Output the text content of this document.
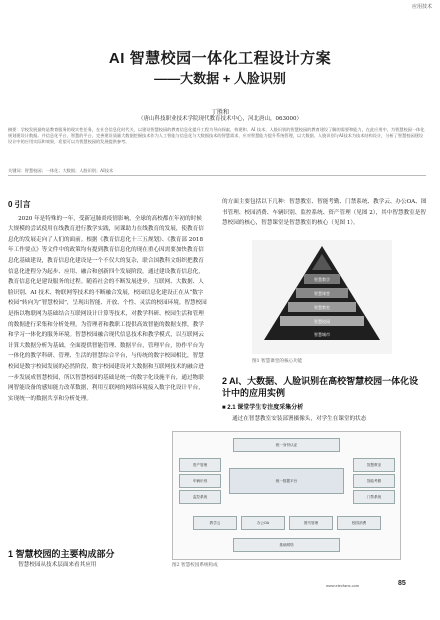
应用技术
AI 智慧校园一体化工程设计方案
——大数据 + 人脸识别
丁胜和
（唐山科技职业技术学院现代教育技术中心，河北唐山，063000）
摘要：学校发展最终是教育服务的现实性任务，在社会信息化时代关，以建设智慧校园的教育信息化提升工程为导向探索，构建和、AI 技术、人脸识别的智慧校园的教育建设了解的需要和能力，在此应用中，为智慧校园一体化规划建设计数据。并信息化平台，智慧的平台，完善建设质量大数据挖掘技术作为人工智能与信息化与大数据技术的智慧需求，应对智慧能力提升系统管理，以大数据、人脸识别与AI技术为技术结构设计，分析了智慧校园建设设计中的应用实际和效果，希望可以为智慧校园的发展提供参考。
关键词：智慧校园；一体化；大数据；人脸识别；AI技术
0 引言

2020 年是特殊的一年，受新冠肺炎疫情影响，全球的高校都在年初的时候大规模的尝试使用在线教育进行教学实践，同课助力在线教育的发展，使教育信息化的发展走向了人们的面前。根据《教育信息化十三五规划》、《教育部 2018 年工作要点》等文件中的政策均有提到教育信息化的现在重心因需要加快教育信息化基础建设，教育信息化建设是一个不仅大的复杂，联合国教科文组织把教育信息化进程分为起步、应用、融合和创新四个发展阶段。通过建设教育信息化，教育信息化是建设服务的过程。随着社会的不断发展进步，互联网、大数据、人脸识别、AI 技术、物联网等技术的不断融合发展，校园信息化建设正在从“数字校园”转向为“智慧校园”，呈现出智能、开放、个性、灵活的校园环境。智慧校园是指以物联网为基础结合互联网设计计算等技术，对教学科研、校园生活和管理的数据进行采集和分析处理，为管理者和教职工提供高效智能的数据支撑，教学和学习一体化的服务环境。智慧校园融合现代信息技术和教学模式，以互联网云计算大数据分析为基础，全面提供智能管理、数据平台，管理平台，协作平台为一体化的教学科研、管理、生活的智慧综合平台，与传统的数字校园相比，智慧校园是数字校园发展的必然阶段，数字校园建设对大数据和互联网技术的融合进一步发展成智慧校园，所以智慧校园的基础是统一的数字化设施平台，通过物联网智能设备的感知能力改革数据，利用互联网的网络环境接入数字化设计平台，实现统一的数据共享和分析处理。

1 智慧校园的主要构成部分

智慧校园从技术层面来看其应用

的方面主要包括以下几种：智慧教室、智能考勤、门禁系统、教学云、办公OA、图书管理、校园消费、车辆识别、监控系统、资产管理（见图 2），其中智慧教室是智慧校园的核心，智慧课堂是智慧教室的核心（见图 1）。

智慧教学
智慧课堂
智慧教室
智慧校园
智慧城市
图1 智慧课堂的核心功能
2 AI、大数据、人脸识别在高校智慧校园一体化设计中的应用实例
■ 2.1 课堂学生专注度采集分析

通过在智慧教室安装部署摄像头，对学生在课堂的状态

统一身份认证
资产管理
车辆识别
监控系统
智慧教室
智能考勤
门禁系统
统一数据平台
教学云	办公OA	图书管理	校园消费
基础网络
图2 智慧校园系统构成
www.elecfans.com	85
